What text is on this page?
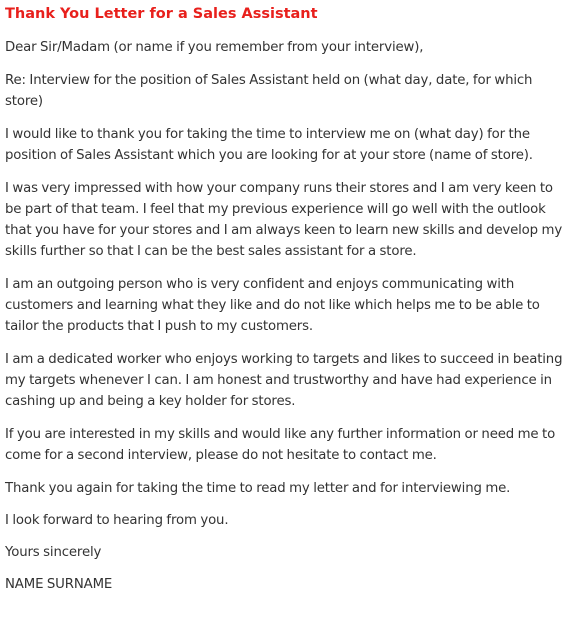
Thank You Letter for a Sales Assistant

Dear Sir/Madam (or name if you remember from your interview),

Re: Interview for the position of Sales Assistant held on (what day, date, for which store)

I would like to thank you for taking the time to interview me on (what day) for the position of Sales Assistant which you are looking for at your store (name of store).

I was very impressed with how your company runs their stores and I am very keen to be part of that team. I feel that my previous experience will go well with the outlook that you have for your stores and I am always keen to learn new skills and develop my skills further so that I can be the best sales assistant for a store.

I am an outgoing person who is very confident and enjoys communicating with customers and learning what they like and do not like which helps me to be able to tailor the products that I push to my customers.

I am a dedicated worker who enjoys working to targets and likes to succeed in beating my targets whenever I can. I am honest and trustworthy and have had experience in cashing up and being a key holder for stores.

If you are interested in my skills and would like any further information or need me to come for a second interview, please do not hesitate to contact me.

Thank you again for taking the time to read my letter and for interviewing me.

I look forward to hearing from you.

Yours sincerely

NAME SURNAME
